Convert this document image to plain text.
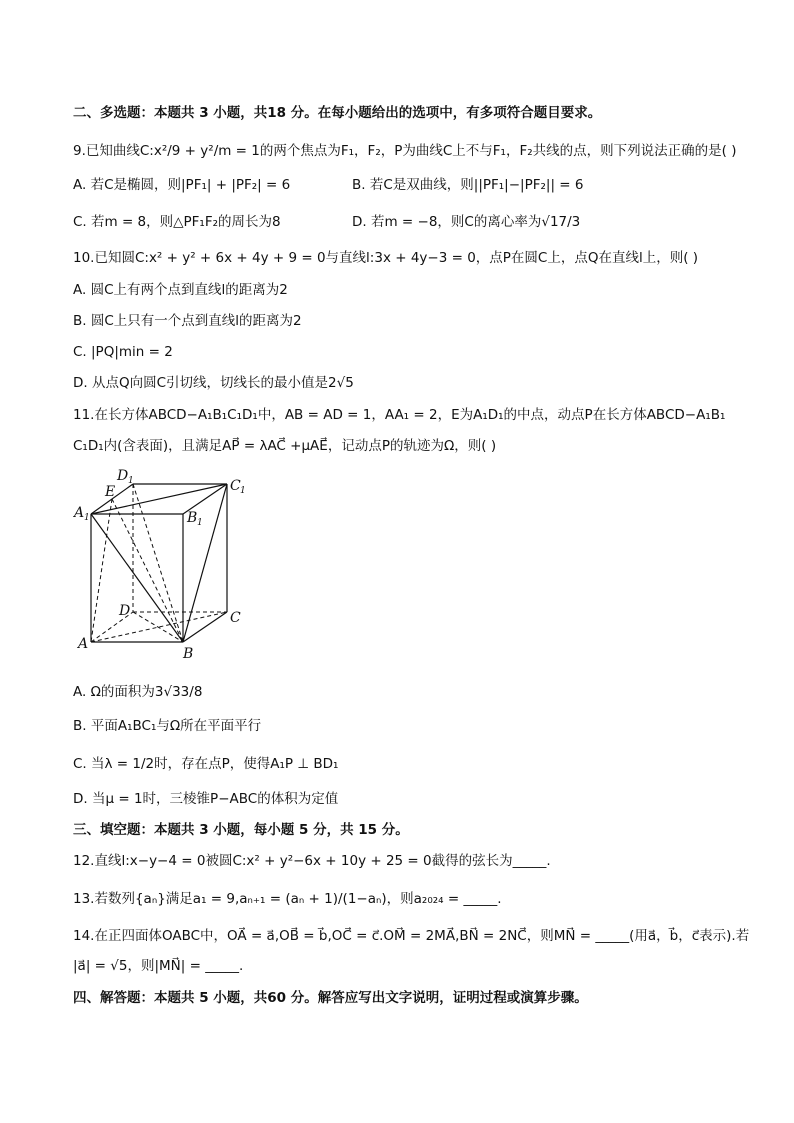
二、多选题：本题共 3 小题，共18 分。在每小题给出的选项中，有多项符合题目要求。
9.已知曲线C:x²/9 + y²/m = 1的两个焦点为F₁，F₂，P为曲线C上不与F₁，F₂共线的点，则下列说法正确的是( )
A. 若C是椭圆，则|PF₁| + |PF₂| = 6	B. 若C是双曲线，则||PF₁|−|PF₂|| = 6
C. 若m = 8，则△PF₁F₂的周长为8	D. 若m = −8，则C的离心率为√17/3
10.已知圆C:x² + y² + 6x + 4y + 9 = 0与直线l:3x + 4y−3 = 0，点P在圆C上，点Q在直线l上，则( )
A. 圆C上有两个点到直线l的距离为2
B. 圆C上只有一个点到直线l的距离为2
C. |PQ|min = 2
D. 从点Q向圆C引切线，切线长的最小值是2√5
11.在长方体ABCD−A₁B₁C₁D₁中，AB = AD = 1，AA₁ = 2，E为A₁D₁的中点，动点P在长方体ABCD−A₁B₁
C₁D₁内(含表面)，且满足AP⃗ = λAC⃗ +μAE⃗，记动点P的轨迹为Ω，则( )
D 1
E	C 1
A 1	B 1
D	C
A
B
A. Ω的面积为3√33/8
B. 平面A₁BC₁与Ω所在平面平行
C. 当λ = 1/2时，存在点P，使得A₁P ⊥ BD₁
D. 当μ = 1时，三棱锥P−ABC的体积为定值
三、填空题：本题共 3 小题，每小题 5 分，共 15 分。
12.直线l:x−y−4 = 0被圆C:x² + y²−6x + 10y + 25 = 0截得的弦长为_____.
13.若数列{aₙ}满足a₁ = 9,aₙ₊₁ = (aₙ + 1)/(1−aₙ)，则a₂₀₂₄ = _____.
14.在正四面体OABC中，OA⃗ = a⃗,OB⃗ = b⃗,OC⃗ = c⃗.OM⃗ = 2MA⃗,BN⃗ = 2NC⃗，则MN⃗ = _____(用a⃗，b⃗，c⃗表示).若
|a⃗| = √5，则|MN⃗| = _____.
四、解答题：本题共 5 小题，共60 分。解答应写出文字说明，证明过程或演算步骤。
